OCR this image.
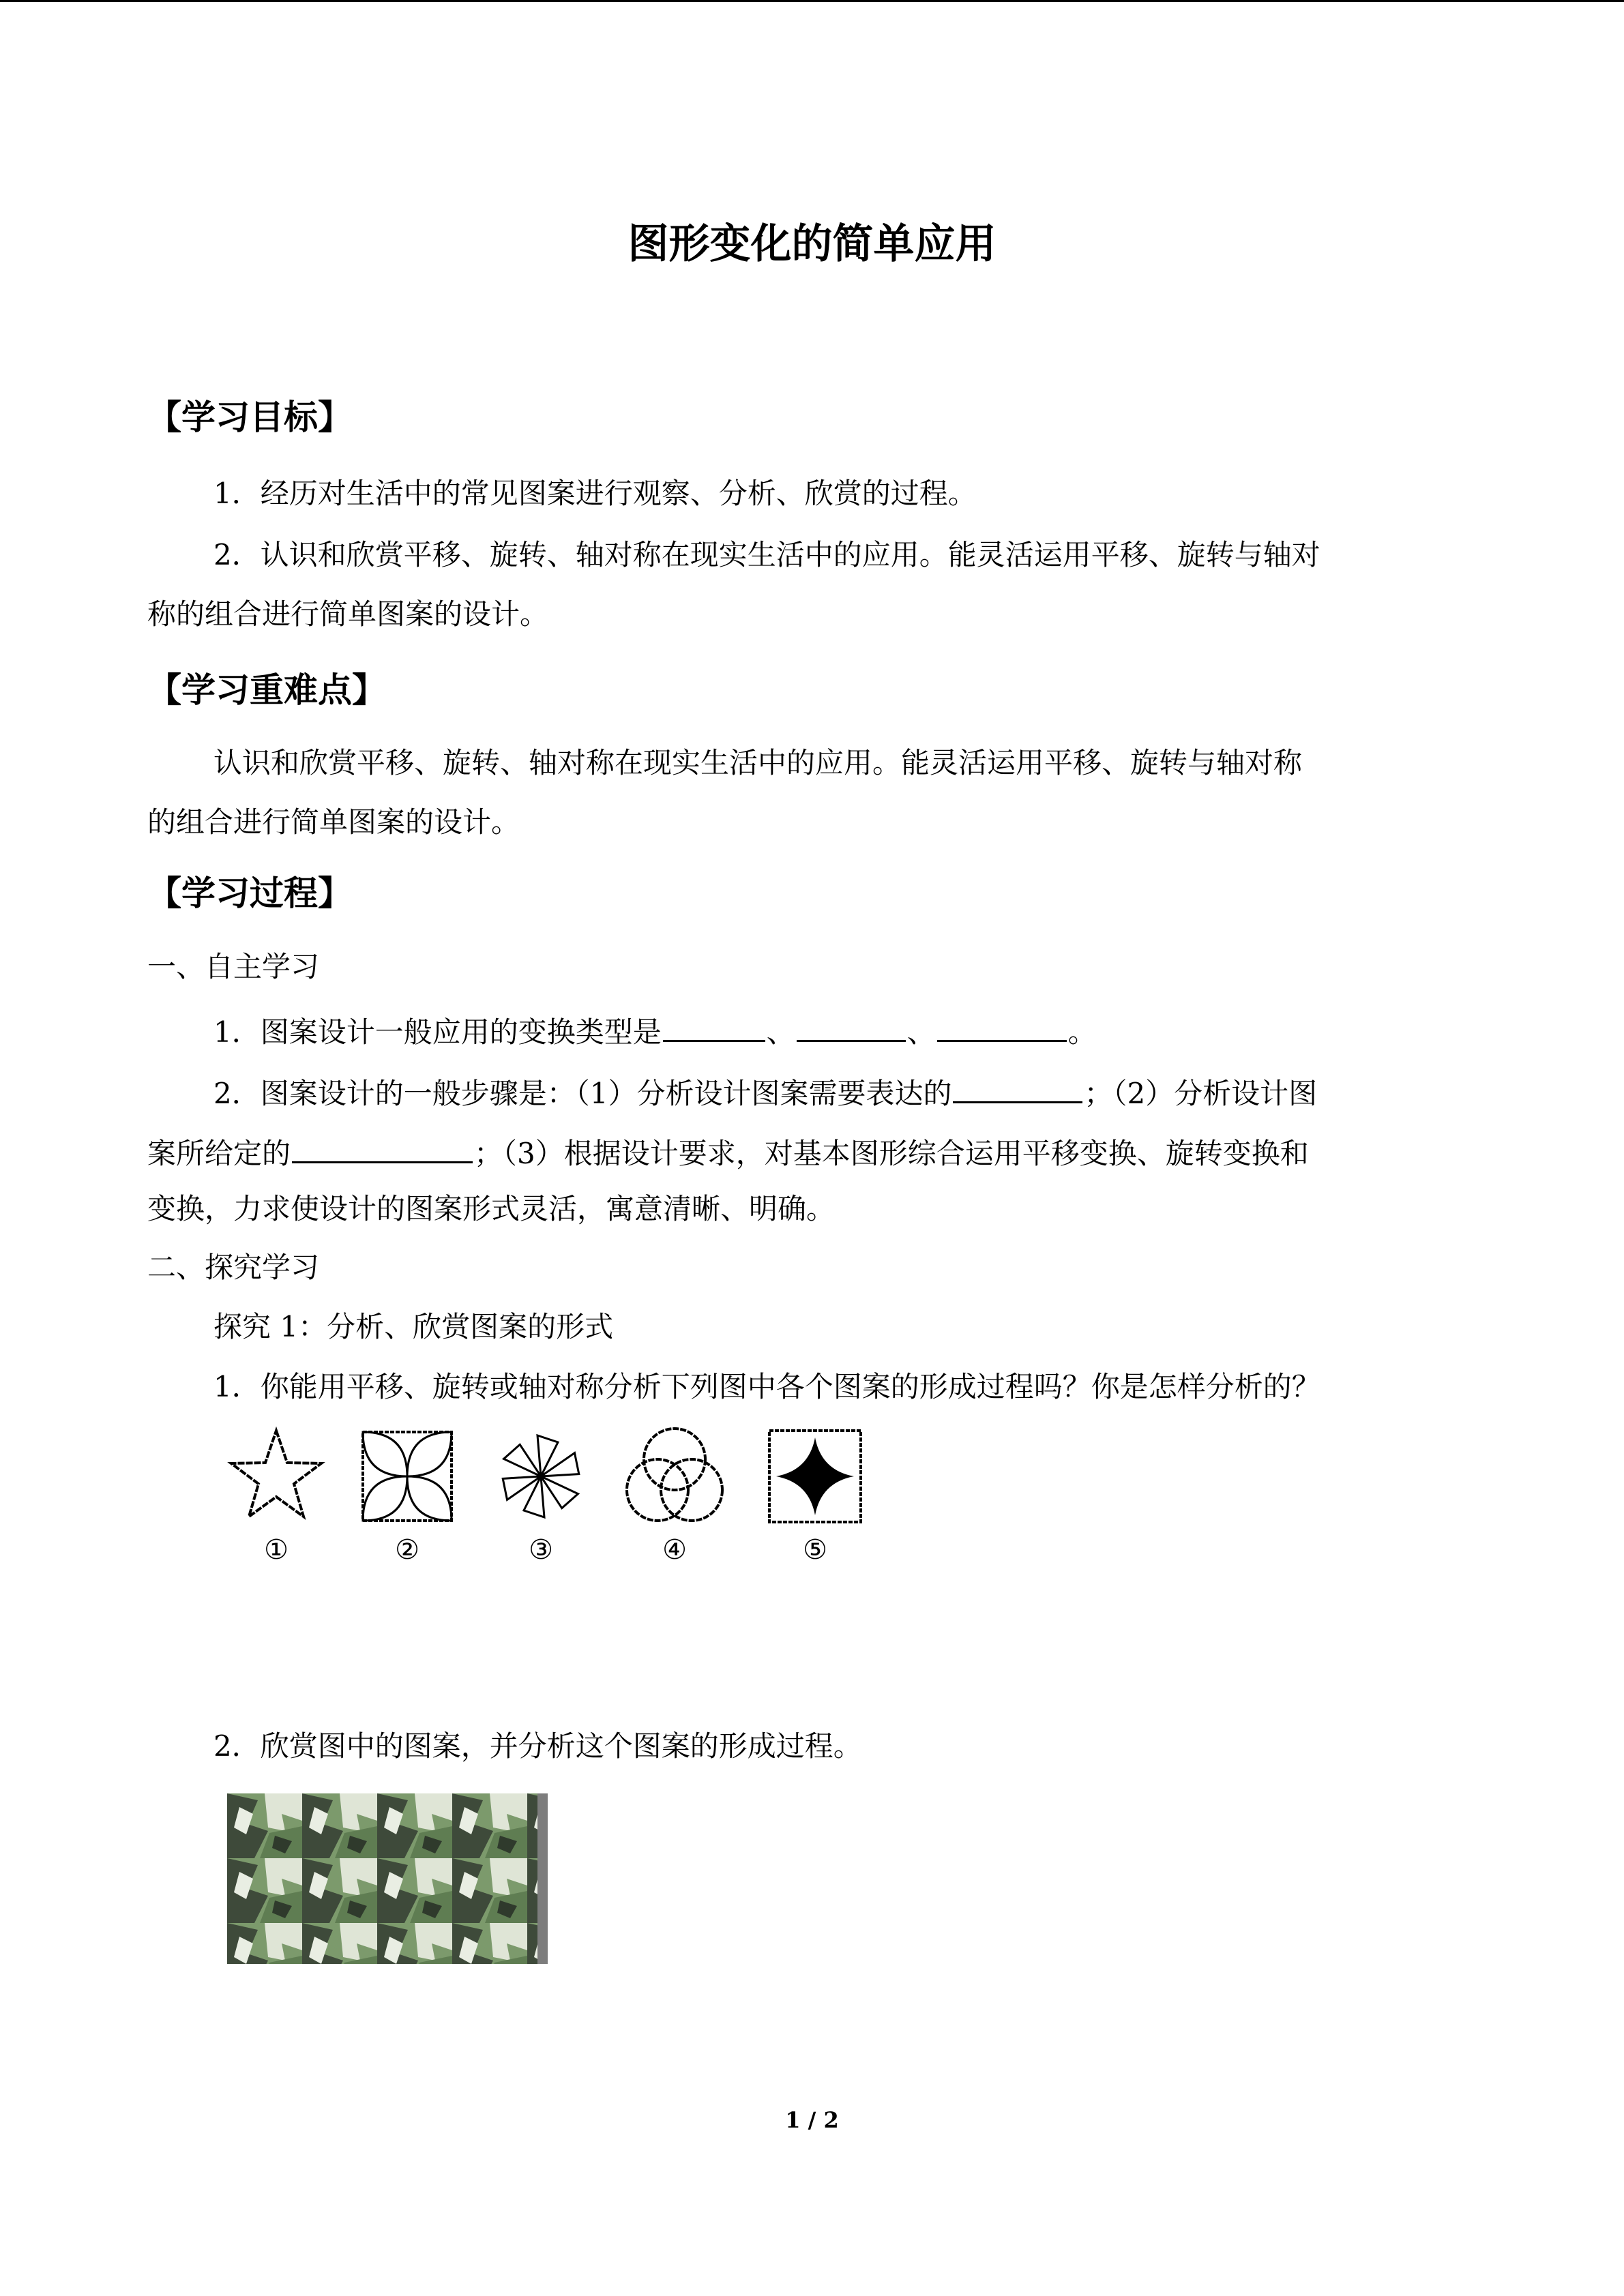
图形变化的简单应用
【学习目标】
1．经历对生活中的常见图案进行观察、分析、欣赏的过程。
2．认识和欣赏平移、旋转、轴对称在现实生活中的应用。能灵活运用平移、旋转与轴对
称的组合进行简单图案的设计。
【学习重难点】
认识和欣赏平移、旋转、轴对称在现实生活中的应用。能灵活运用平移、旋转与轴对称
的组合进行简单图案的设计。
【学习过程】
一、自主学习
1．图案设计一般应用的变换类型是	、	、	。
2．图案设计的一般步骤是：（1）分析设计图案需要表达的	；（2）分析设计图
案所给定的	；（3）根据设计要求，对基本图形综合运用平移变换、旋转变换和
变换，力求使设计的图案形式灵活，寓意清晰、明确。
二、探究学习
探究 1：分析、欣赏图案的形式
1．你能用平移、旋转或轴对称分析下列图中各个图案的形成过程吗？你是怎样分析的？
①	②	③	④	⑤
2．欣赏图中的图案，并分析这个图案的形成过程。
1 / 2
